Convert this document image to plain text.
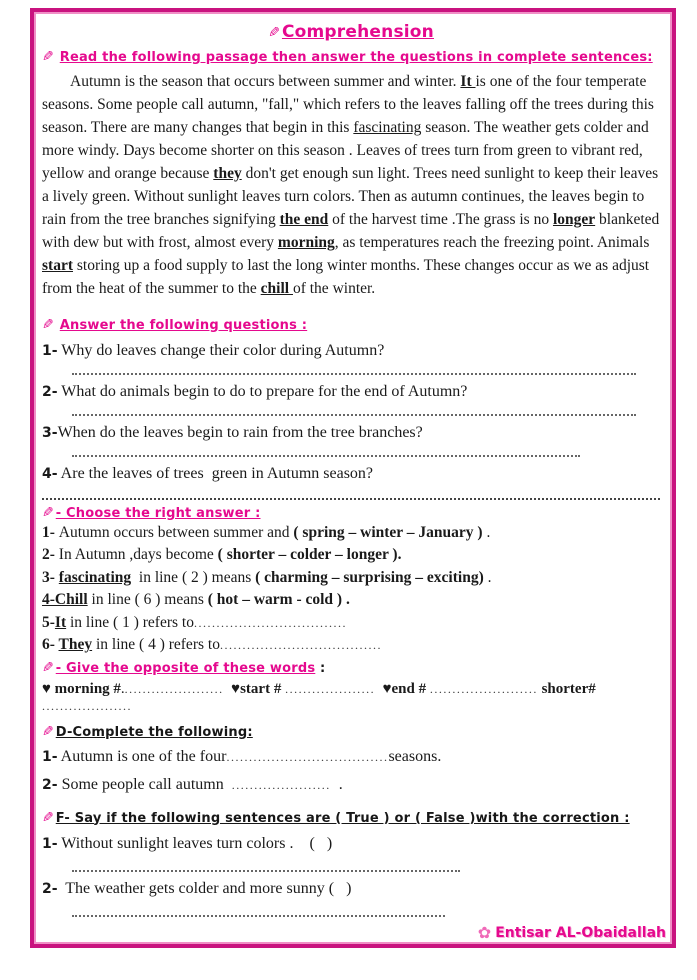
✎ Comprehension
✎ Read the following passage then answer the questions in complete sentences:

Autumn is the season that occurs between summer and winter. It is one of the four temperate seasons. Some people call autumn, "fall," which refers to the leaves falling off the trees during this season. There are many changes that begin in this fascinating season. The weather gets colder and more windy. Days become shorter on this season . Leaves of trees turn from green to vibrant red, yellow and orange because they don't get enough sun light. Trees need sunlight to keep their leaves a lively green. Without sunlight leaves turn colors. Then as autumn continues, the leaves begin to rain from the tree branches signifying the end of the harvest time .The grass is no longer blanketed with dew but with frost, almost every morning, as temperatures reach the freezing point. Animals start storing up a food supply to last the long winter months. These changes occur as we as adjust from the heat of the summer to the chill of the winter.

✎ Answer the following questions :
1- Why do leaves change their color during Autumn?
2- What do animals begin to do to prepare for the end of Autumn?
3-When do the leaves begin to rain from the tree branches?
4- Are the leaves of trees  green in Autumn season?
✎ - Choose the right answer :
1- Autumn occurs between summer and ( spring – winter – January ) .
2- In Autumn ,days become ( shorter – colder – longer ).
3- fascinating  in line ( 2 ) means ( charming – surprising – exciting) .
4-Chill in line ( 6 ) means ( hot – warm - cold ) .
5-It in line ( 1 ) refers to..................................
6- They in line ( 4 ) refers to....................................
✎ - Give the opposite of these words :
♥ morning #.......................  ♥start # ....................  ♥end # ........................ shorter# ....................
✎ D-Complete the following:
1- Autumn is one of the four....................................seasons.
2- Some people call autumn  ......................  .
✎ F- Say if the following sentences are ( True ) or ( False )with the correction :
1- Without sunlight leaves turn colors .    (   )
2-  The weather gets colder and more sunny (   )
✿ Entisar AL-Obaidallah
